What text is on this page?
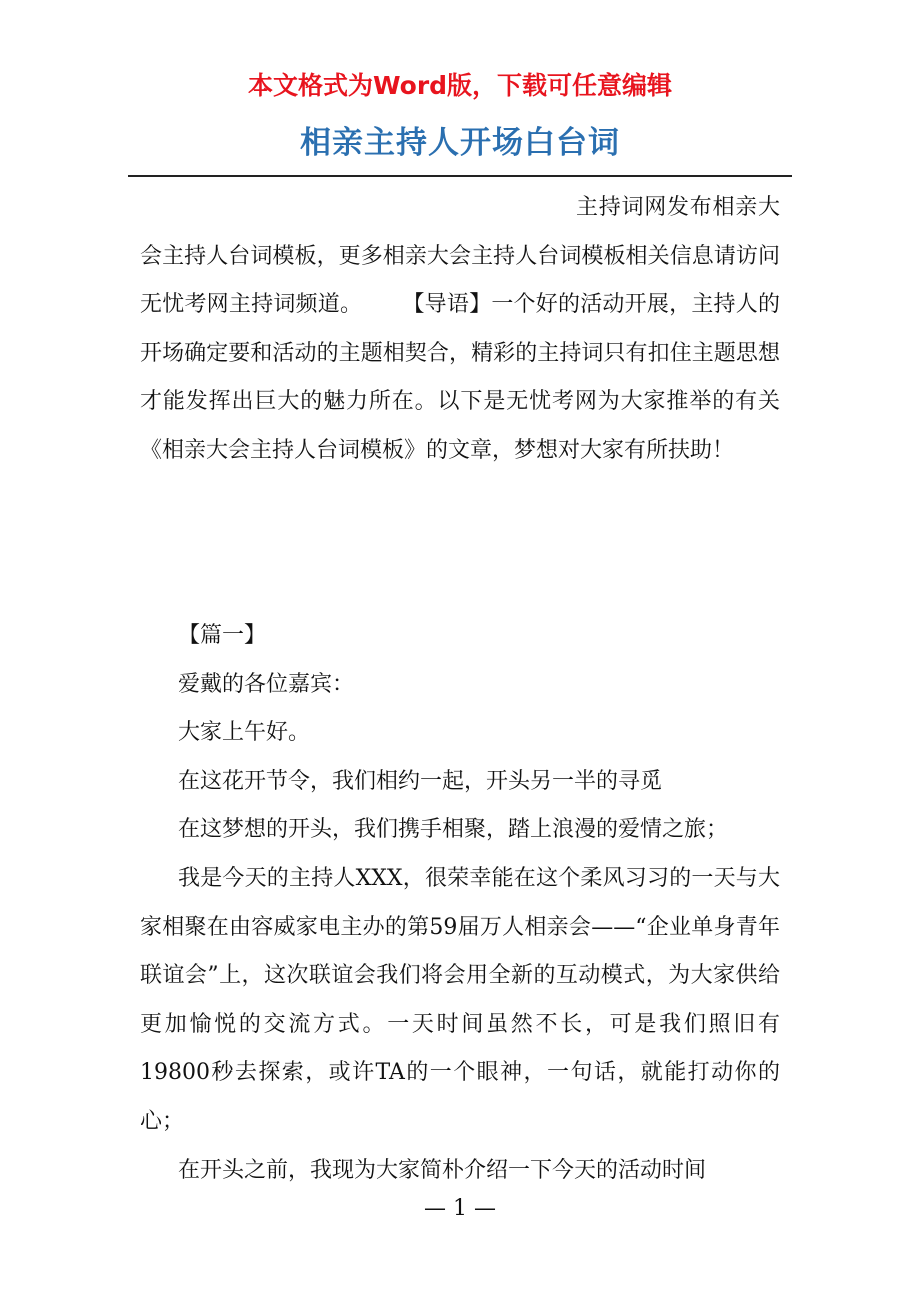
本文格式为Word版，下载可任意编辑
相亲主持人开场白台词

主持词网发布相亲大会主持人台词模板，更多相亲大会主持人台词模板相关信息请访问无忧考网主持词频道。 【导语】一个好的活动开展，主持人的开场确定要和活动的主题相契合，精彩的主持词只有扣住主题思想才能发挥出巨大的魅力所在。以下是无忧考网为大家推举的有关《相亲大会主持人台词模板》的文章，梦想对大家有所扶助！

【篇一】

爱戴的各位嘉宾：

大家上午好。

在这花开节令，我们相约一起，开头另一半的寻觅

在这梦想的开头，我们携手相聚，踏上浪漫的爱情之旅；

我是今天的主持人XXX，很荣幸能在这个柔风习习的一天与大家相聚在由容威家电主办的第59届万人相亲会——“企业单身青年联谊会”上，这次联谊会我们将会用全新的互动模式，为大家供给更加愉悦的交流方式。一天时间虽然不长，可是我们照旧有19800秒去探索，或许TA的一个眼神，一句话，就能打动你的心；

在开头之前，我现为大家简朴介绍一下今天的活动时间

— 1 —
